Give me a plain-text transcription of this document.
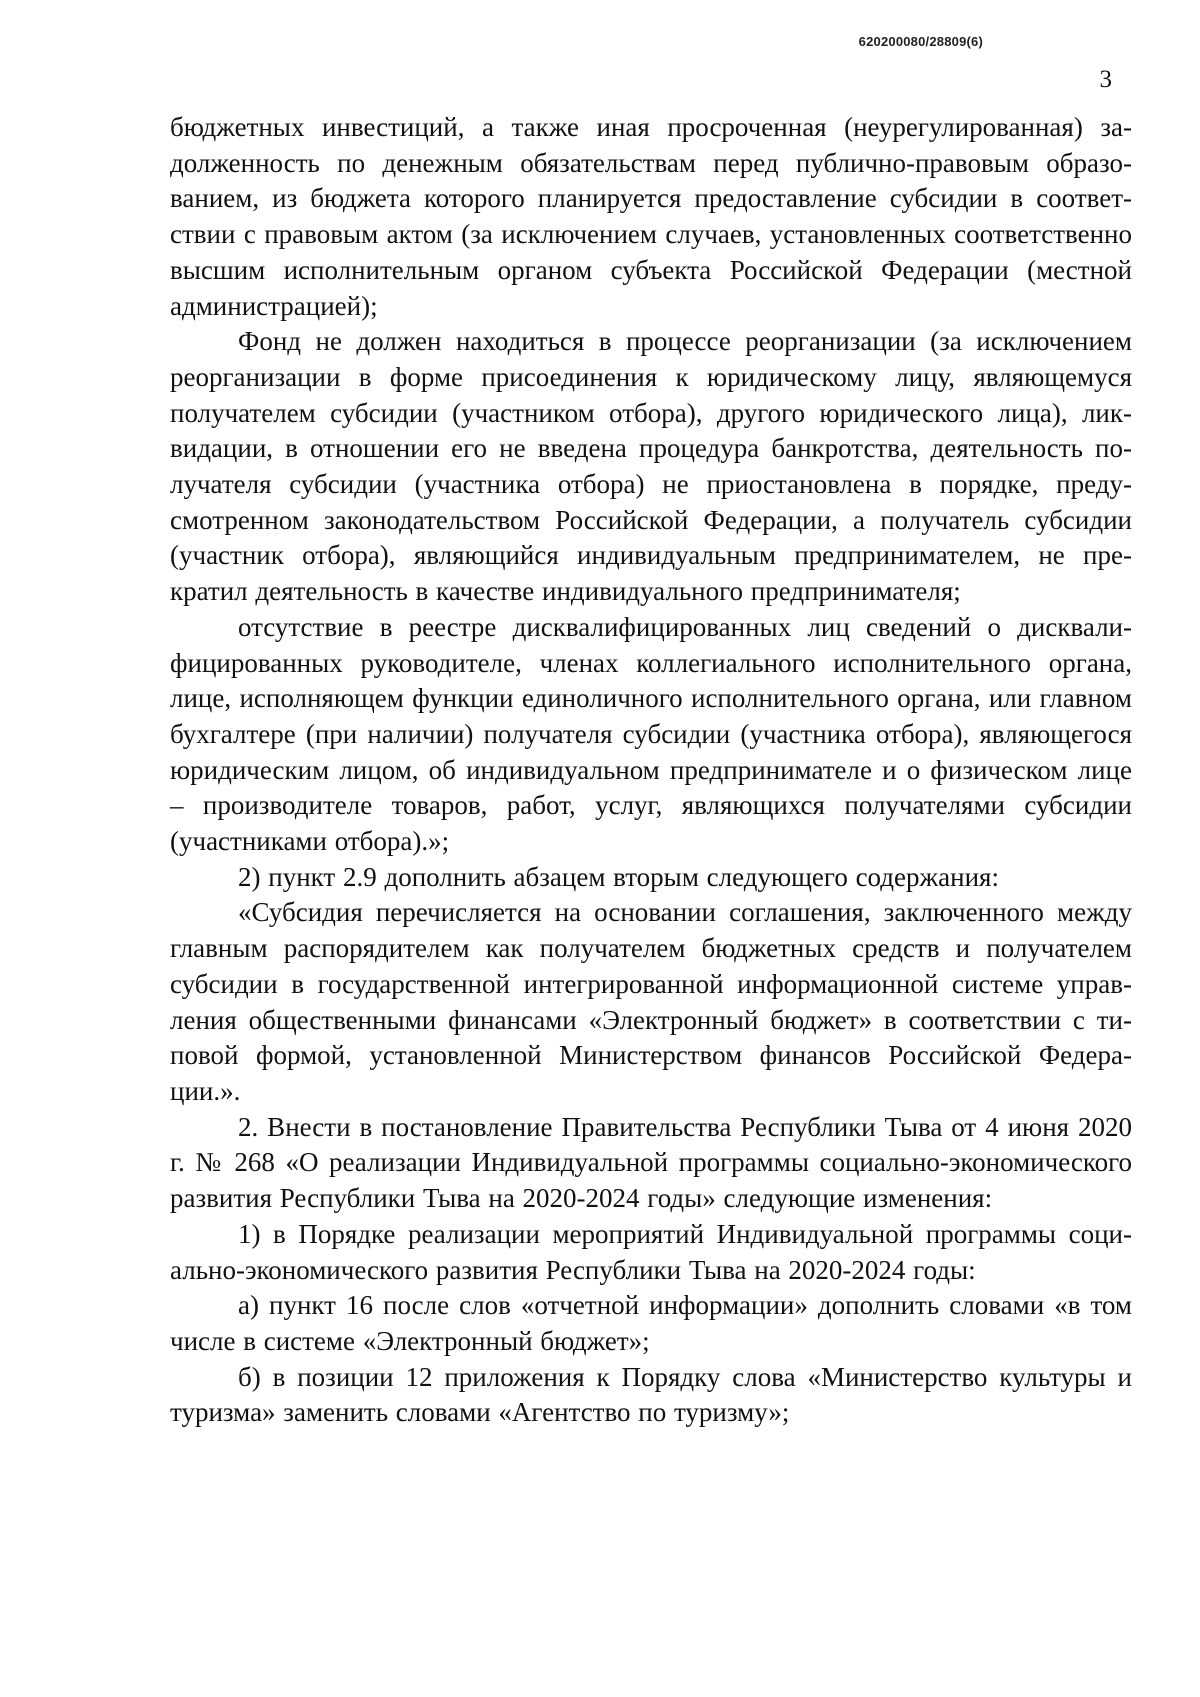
620200080/28809(6)
3

бюджетных инвестиций, а также иная просроченная (неурегулированная) задолженность по денежным обязательствам перед публично-правовым образованием, из бюджета которого планируется предоставление субсидии в соответствии с правовым актом (за исключением случаев, установленных соответственно высшим исполнительным органом субъекта Российской Федерации (местной администрацией);

Фонд не должен находиться в процессе реорганизации (за исключением реорганизации в форме присоединения к юридическому лицу, являющемуся получателем субсидии (участником отбора), другого юридического лица), ликвидации, в отношении его не введена процедура банкротства, деятельность получателя субсидии (участника отбора) не приостановлена в порядке, предусмотренном законодательством Российской Федерации, а получатель субсидии (участник отбора), являющийся индивидуальным предпринимателем, не прекратил деятельность в качестве индивидуального предпринимателя;

отсутствие в реестре дисквалифицированных лиц сведений о дисквалифицированных руководителе, членах коллегиального исполнительного органа, лице, исполняющем функции единоличного исполнительного органа, или главном бухгалтере (при наличии) получателя субсидии (участника отбора), являющегося юридическим лицом, об индивидуальном предпринимателе и о физическом лице – производителе товаров, работ, услуг, являющихся получателями субсидии (участниками отбора).»;

2) пункт 2.9 дополнить абзацем вторым следующего содержания:

«Субсидия перечисляется на основании соглашения, заключенного между главным распорядителем как получателем бюджетных средств и получателем субсидии в государственной интегрированной информационной системе управления общественными финансами «Электронный бюджет» в соответствии с типовой формой, установленной Министерством финансов Российской Федерации.».

2. Внести в постановление Правительства Республики Тыва от 4 июня 2020 г. № 268 «О реализации Индивидуальной программы социально-экономического развития Республики Тыва на 2020-2024 годы» следующие изменения:

1) в Порядке реализации мероприятий Индивидуальной программы социально-экономического развития Республики Тыва на 2020-2024 годы:

а) пункт 16 после слов «отчетной информации» дополнить словами «в том числе в системе «Электронный бюджет»;

б) в позиции 12 приложения к Порядку слова «Министерство культуры и туризма» заменить словами «Агентство по туризму»;
